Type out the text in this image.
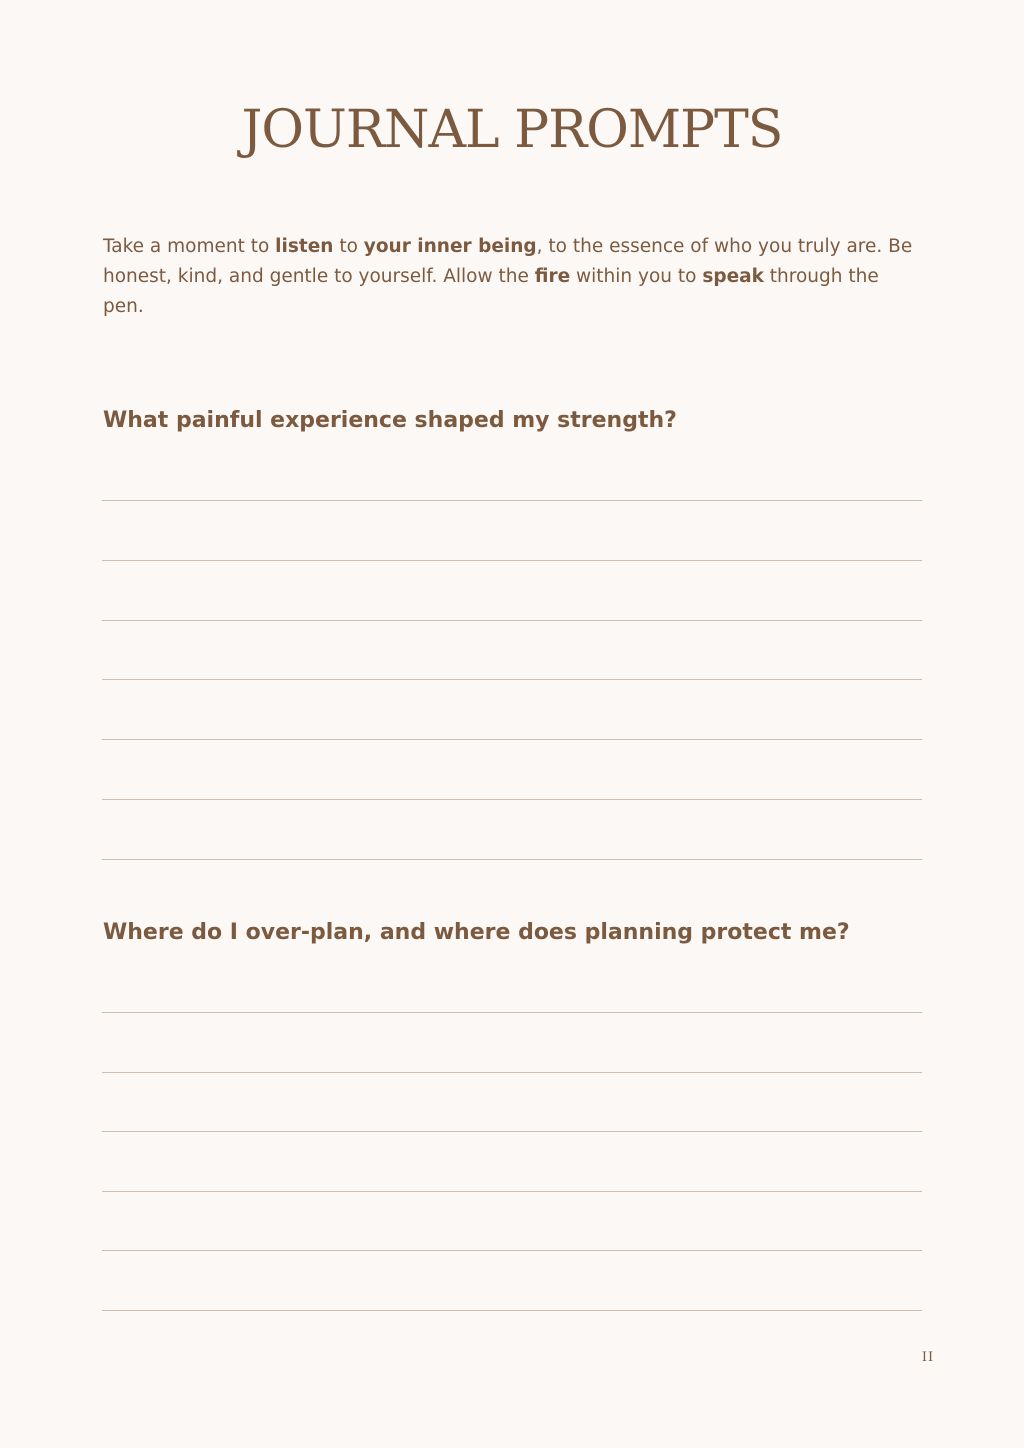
JOURNAL PROMPTS

Take a moment to listen to your inner being, to the essence of who you truly are. Be honest, kind, and gentle to yourself. Allow the fire within you to speak through the pen.

What painful experience shaped my strength?

Where do I over-plan, and where does planning protect me?

II
